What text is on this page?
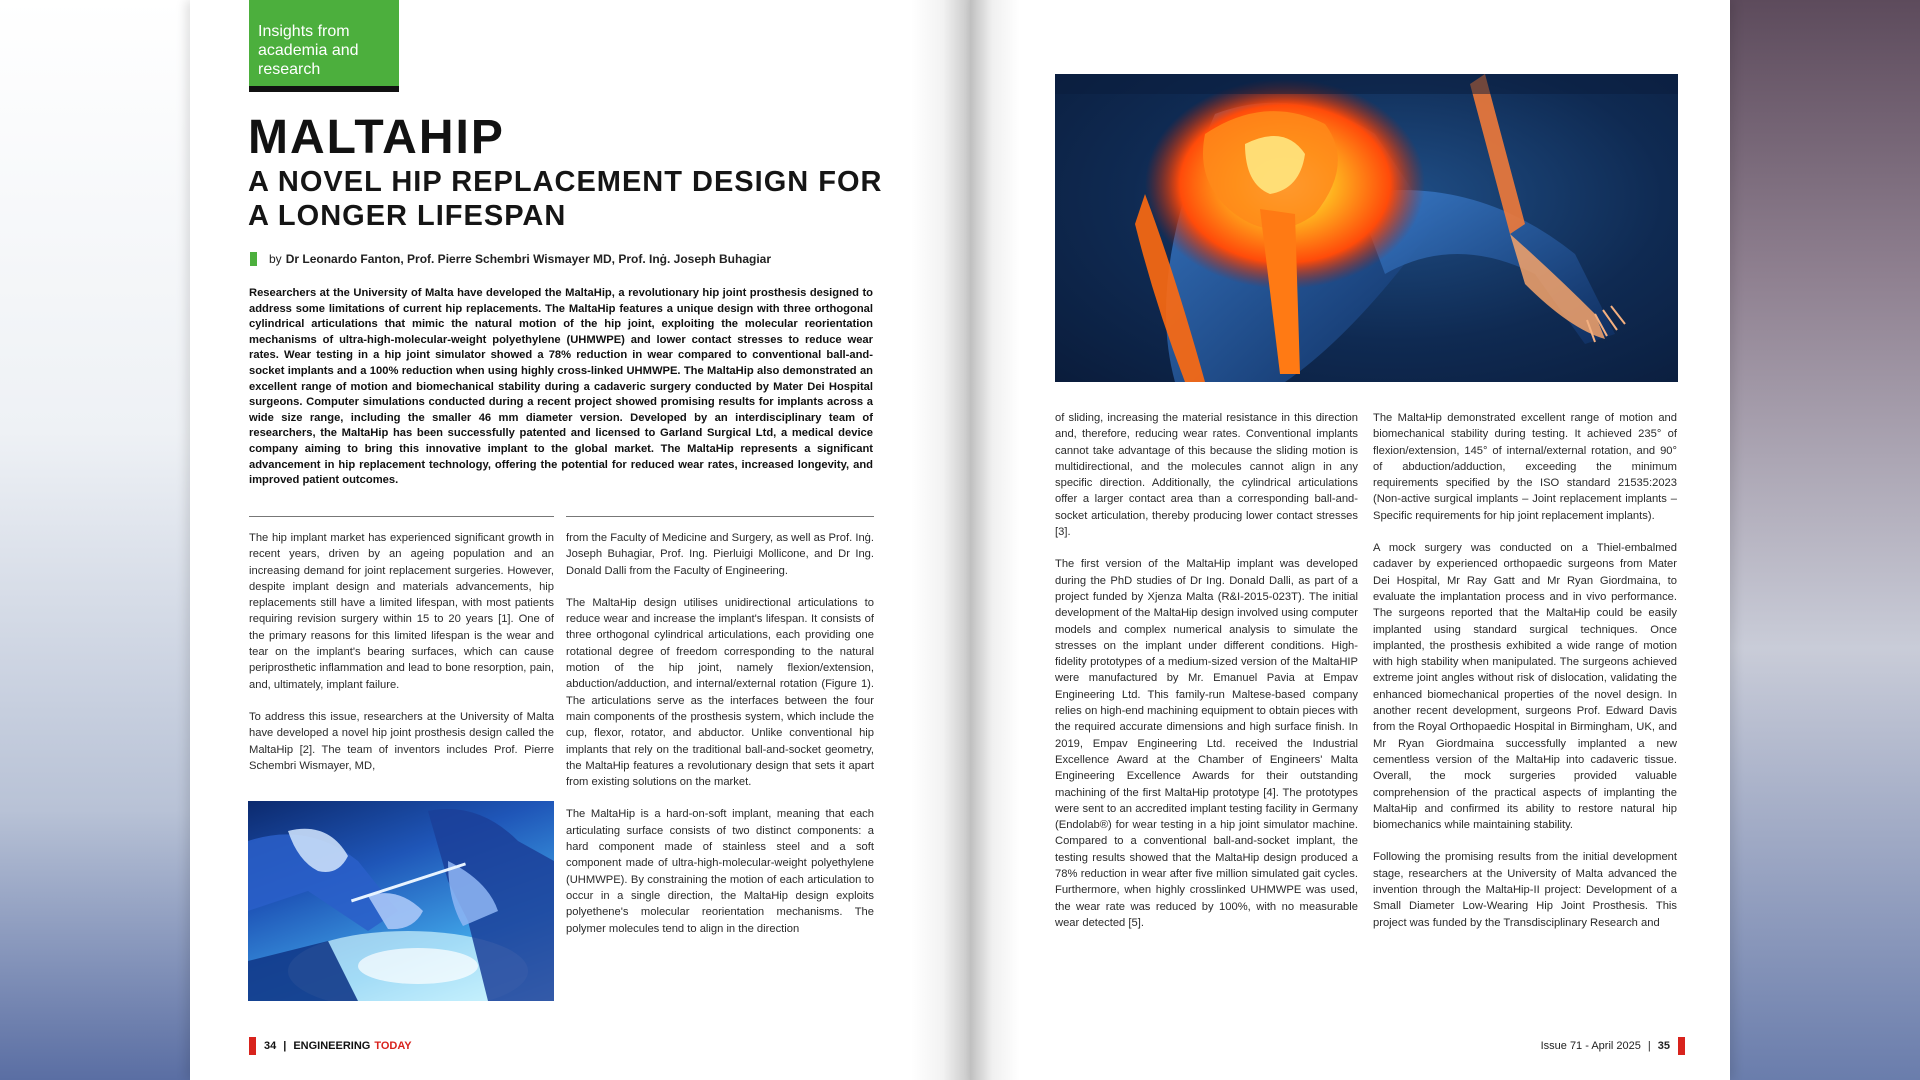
Insights from academia and research
MALTAHIP
A NOVEL HIP REPLACEMENT DESIGN FOR A LONGER LIFESPAN
by Dr Leonardo Fanton, Prof. Pierre Schembri Wismayer MD, Prof. Inġ. Joseph Buhagiar
Researchers at the University of Malta have developed the MaltaHip, a revolutionary hip joint prosthesis designed to address some limitations of current hip replacements. The MaltaHip features a unique design with three orthogonal cylindrical articulations that mimic the natural motion of the hip joint, exploiting the molecular reorientation mechanisms of ultra-high-molecular-weight polyethylene (UHMWPE) and lower contact stresses to reduce wear rates. Wear testing in a hip joint simulator showed a 78% reduction in wear compared to conventional ball-and-socket implants and a 100% reduction when using highly cross-linked UHMWPE. The MaltaHip also demonstrated an excellent range of motion and biomechanical stability during a cadaveric surgery conducted by Mater Dei Hospital surgeons. Computer simulations conducted during a recent project showed promising results for implants across a wide size range, including the smaller 46 mm diameter version. Developed by an interdisciplinary team of researchers, the MaltaHip has been successfully patented and licensed to Garland Surgical Ltd, a medical device company aiming to bring this innovative implant to the global market. The MaltaHip represents a significant advancement in hip replacement technology, offering the potential for reduced wear rates, increased longevity, and improved patient outcomes.

The hip implant market has experienced significant growth in recent years, driven by an ageing population and an increasing demand for joint replacement surgeries. However, despite implant design and materials advancements, hip replacements still have a limited lifespan, with most patients requiring revision surgery within 15 to 20 years [1]. One of the primary reasons for this limited lifespan is the wear and tear on the implant's bearing surfaces, which can cause periprosthetic inflammation and lead to bone resorption, pain, and, ultimately, implant failure.

To address this issue, researchers at the University of Malta have developed a novel hip joint prosthesis design called the MaltaHip [2]. The team of inventors includes Prof. Pierre Schembri Wismayer, MD,

from the Faculty of Medicine and Surgery, as well as Prof. Inġ. Joseph Buhagiar, Prof. Ing. Pierluigi Mollicone, and Dr Ing. Donald Dalli from the Faculty of Engineering.

The MaltaHip design utilises unidirectional articulations to reduce wear and increase the implant's lifespan. It consists of three orthogonal cylindrical articulations, each providing one rotational degree of freedom corresponding to the natural motion of the hip joint, namely flexion/extension, abduction/adduction, and internal/external rotation (Figure 1). The articulations serve as the interfaces between the four main components of the prosthesis system, which include the cup, flexor, rotator, and abductor. Unlike conventional hip implants that rely on the traditional ball-and-socket geometry, the MaltaHip features a revolutionary design that sets it apart from existing solutions on the market.

The MaltaHip is a hard-on-soft implant, meaning that each articulating surface consists of two distinct components: a hard component made of stainless steel and a soft component made of ultra-high-molecular-weight polyethylene (UHMWPE). By constraining the motion of each articulation to occur in a single direction, the MaltaHip design exploits polyethene's molecular reorientation mechanisms. The polymer molecules tend to align in the direction

34 | ENGINEERING TODAY

of sliding, increasing the material resistance in this direction and, therefore, reducing wear rates. Conventional implants cannot take advantage of this because the sliding motion is multidirectional, and the molecules cannot align in any specific direction. Additionally, the cylindrical articulations offer a larger contact area than a corresponding ball-and-socket articulation, thereby producing lower contact stresses [3].

The first version of the MaltaHip implant was developed during the PhD studies of Dr Ing. Donald Dalli, as part of a project funded by Xjenza Malta (R&I-2015-023T). The initial development of the MaltaHip design involved using computer models and complex numerical analysis to simulate the stresses on the implant under different conditions. High-fidelity prototypes of a medium-sized version of the MaltaHIP were manufactured by Mr. Emanuel Pavia at Empav Engineering Ltd. This family-run Maltese-based company relies on high-end machining equipment to obtain pieces with the required accurate dimensions and high surface finish. In 2019, Empav Engineering Ltd. received the Industrial Excellence Award at the Chamber of Engineers' Malta Engineering Excellence Awards for their outstanding machining of the first MaltaHip prototype [4]. The prototypes were sent to an accredited implant testing facility in Germany (Endolab®) for wear testing in a hip joint simulator machine. Compared to a conventional ball-and-socket implant, the testing results showed that the MaltaHip design produced a 78% reduction in wear after five million simulated gait cycles. Furthermore, when highly crosslinked UHMWPE was used, the wear rate was reduced by 100%, with no measurable wear detected [5].

The MaltaHip demonstrated excellent range of motion and biomechanical stability during testing. It achieved 235° of flexion/extension, 145° of internal/external rotation, and 90° of abduction/adduction, exceeding the minimum requirements specified by the ISO standard 21535:2023 (Non-active surgical implants – Joint replacement implants – Specific requirements for hip joint replacement implants).

A mock surgery was conducted on a Thiel-embalmed cadaver by experienced orthopaedic surgeons from Mater Dei Hospital, Mr Ray Gatt and Mr Ryan Giordmaina, to evaluate the implantation process and in vivo performance. The surgeons reported that the MaltaHip could be easily implanted using standard surgical techniques. Once implanted, the prosthesis exhibited a wide range of motion with high stability when manipulated. The surgeons achieved extreme joint angles without risk of dislocation, validating the enhanced biomechanical properties of the novel design. In another recent development, surgeons Prof. Edward Davis from the Royal Orthopaedic Hospital in Birmingham, UK, and Mr Ryan Giordmaina successfully implanted a new cementless version of the MaltaHip into cadaveric tissue. Overall, the mock surgeries provided valuable comprehension of the practical aspects of implanting the MaltaHip and confirmed its ability to restore natural hip biomechanics while maintaining stability.

Following the promising results from the initial development stage, researchers at the University of Malta advanced the invention through the MaltaHip-II project: Development of a Small Diameter Low-Wearing Hip Joint Prosthesis. This project was funded by the Transdisciplinary Research and

Issue 71 - April 2025 | 35
